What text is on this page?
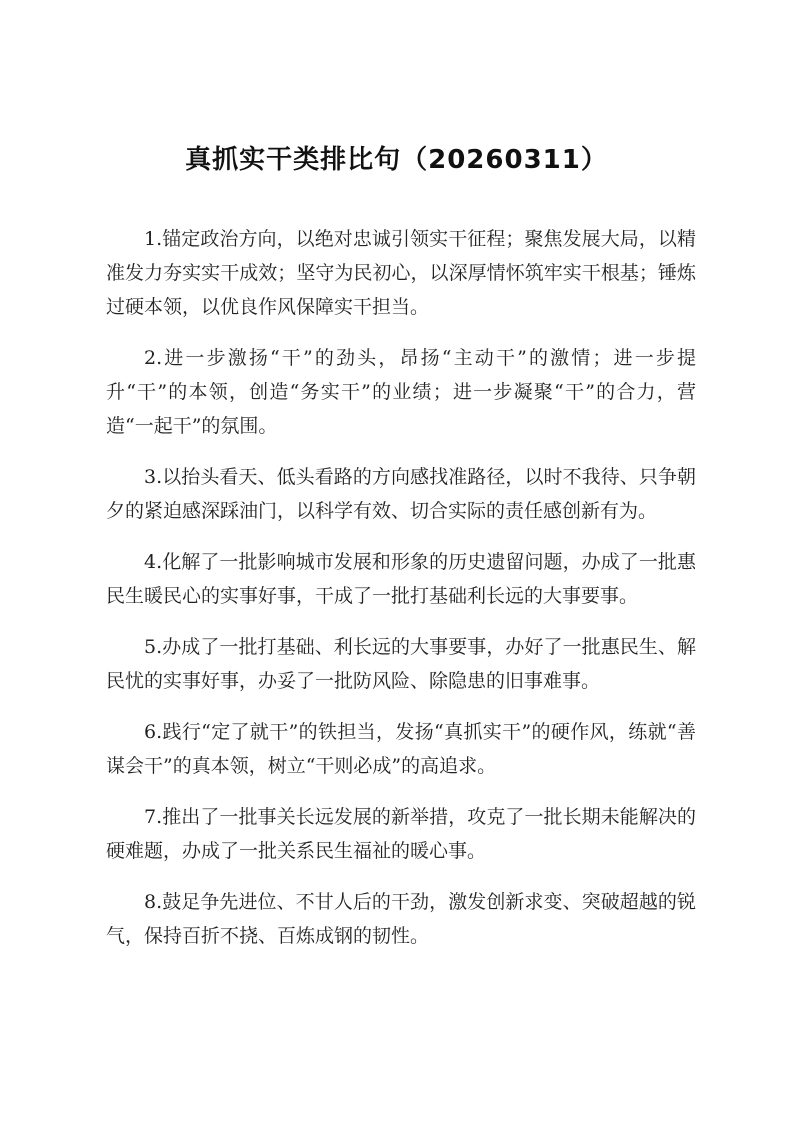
真抓实干类排比句（20260311）

1.锚定政治方向，以绝对忠诚引领实干征程；聚焦发展大局，以精准发力夯实实干成效；坚守为民初心，以深厚情怀筑牢实干根基；锤炼过硬本领，以优良作风保障实干担当。

2.进一步激扬“干”的劲头，昂扬“主动干”的激情；进一步提升“干”的本领，创造“务实干”的业绩；进一步凝聚“干”的合力，营造“一起干”的氛围。

3.以抬头看天、低头看路的方向感找准路径，以时不我待、只争朝夕的紧迫感深踩油门，以科学有效、切合实际的责任感创新有为。

4.化解了一批影响城市发展和形象的历史遗留问题，办成了一批惠民生暖民心的实事好事，干成了一批打基础利长远的大事要事。

5.办成了一批打基础、利长远的大事要事，办好了一批惠民生、解民忧的实事好事，办妥了一批防风险、除隐患的旧事难事。

6.践行“定了就干”的铁担当，发扬“真抓实干”的硬作风，练就“善谋会干”的真本领，树立“干则必成”的高追求。

7.推出了一批事关长远发展的新举措，攻克了一批长期未能解决的硬难题，办成了一批关系民生福祉的暖心事。

8.鼓足争先进位、不甘人后的干劲，激发创新求变、突破超越的锐气，保持百折不挠、百炼成钢的韧性。
